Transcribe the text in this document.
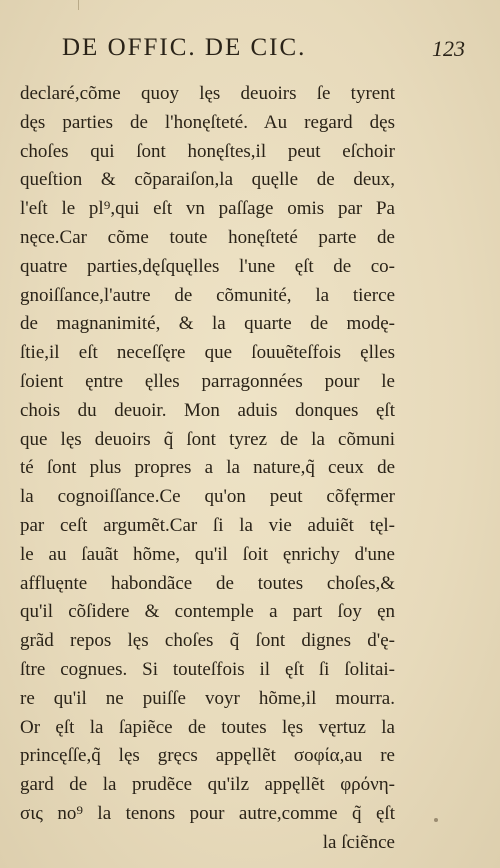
DE OFFIC. DE CIC.	123
declaré,cõme quoy lęs deuoirs ſe tyrent
dęs parties de l'honęſteté. Au regard dęs
choſes qui ſont honęſtes,il peut eſchoir
queſtion & cõparaiſon,la quęlle de deux,
l'eſt le pl⁹,qui eſt vn paſſage omis par Pa
nęce.Car cõme toute honęſteté parte de
quatre parties,dęſquęlles l'une ęſt de co-
gnoiſſance,l'autre de cõmunité, la tierce
de magnanimité, & la quarte de modę-
ſtie,il eſt neceſſęre que ſouuẽteſfois ęlles
ſoient ęntre ęlles parragonnées pour le
chois du deuoir. Mon aduis donques ęſt
que lęs deuoirs q̃ ſont tyrez de la cõmuni
té ſont plus propres a la nature,q̃ ceux de
la cognoiſſance.Ce qu'on peut cõfęrmer
par ceſt argumẽt.Car ſi la vie aduiẽt tęl-
le au ſauãt hõme, qu'il ſoit ęnrichy d'une
affluęnte habondãce de toutes choſes,&
qu'il cõſidere & contemple a part ſoy ęn
grãd repos lęs choſes q̃ ſont dignes d'ę-
ſtre cognues. Si touteſfois il ęſt ſi ſolitai-
re qu'il ne puiſſe voyr hõme,il mourra.
Or ęſt la ſapiẽce de toutes lęs vęrtuz la
princęſſe,q̃ lęs gręcs appęllẽt σοφία,au re
gard de la prudẽce qu'ilz appęllẽt φρόνη-
σις no⁹ la tenons pour autre,comme q̃ ęſt
la ſciẽnce
